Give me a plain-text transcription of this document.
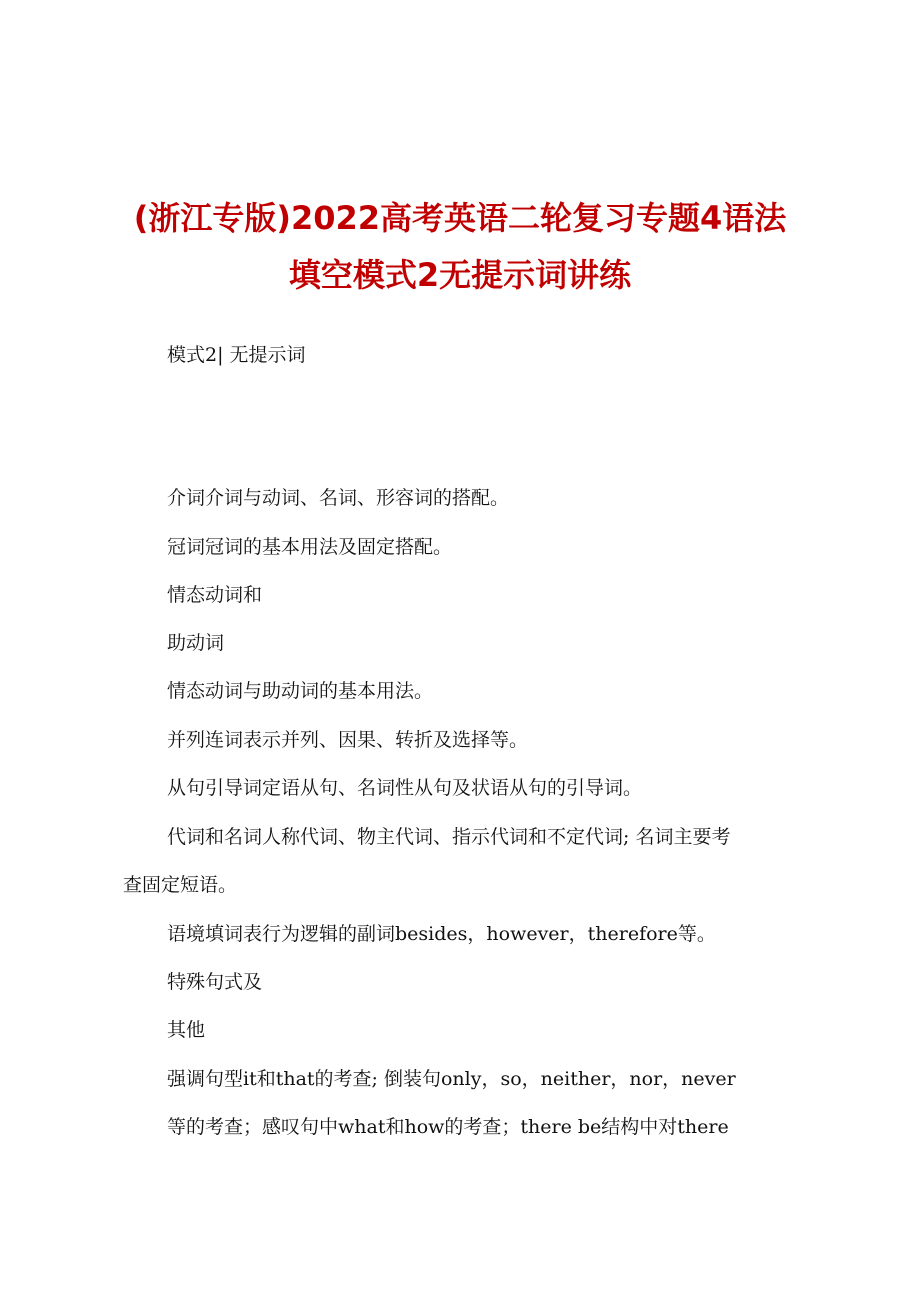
(浙江专版)2022高考英语二轮复习专题4语法
填空模式2无提示词讲练
模式2| 无提示词
介词介词与动词、名词、形容词的搭配。
冠词冠词的基本用法及固定搭配。
情态动词和
助动词
情态动词与助动词的基本用法。
并列连词表示并列、因果、转折及选择等。
从句引导词定语从句、名词性从句及状语从句的引导词。
代词和名词人称代词、物主代词、指示代词和不定代词; 名词主要考
查固定短语。
语境填词表行为逻辑的副词besides，however，therefore等。
特殊句式及
其他
强调句型it和that的考查; 倒装句only，so，neither，nor，never
等的考查；感叹句中what和how的考查；there be结构中对there
